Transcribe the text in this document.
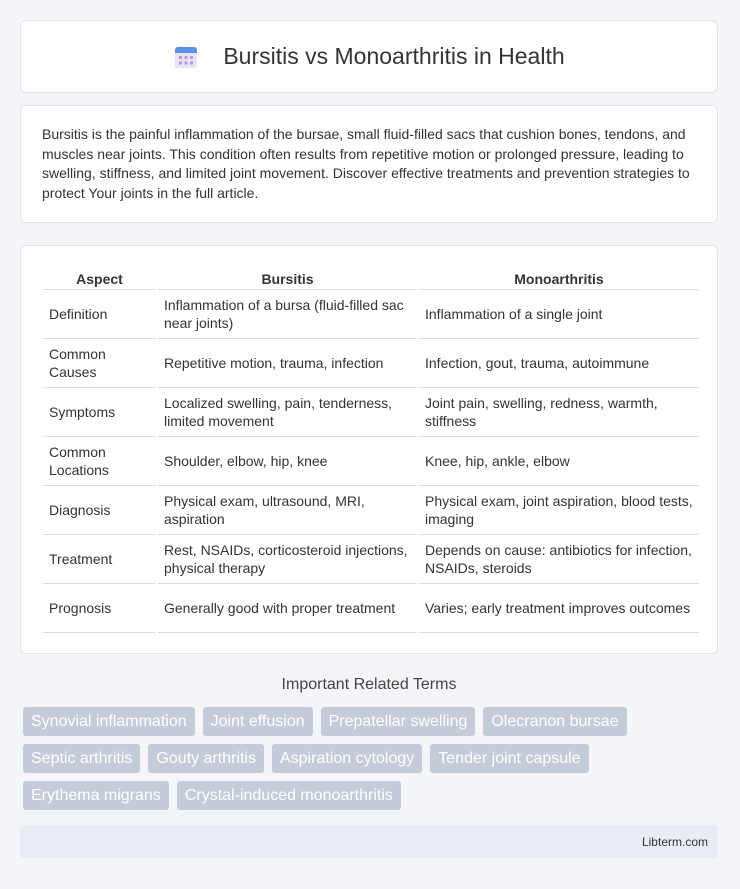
Bursitis vs Monoarthritis in Health

Bursitis is the painful inflammation of the bursae, small fluid-filled sacs that cushion bones, tendons, and muscles near joints. This condition often results from repetitive motion or prolonged pressure, leading to swelling, stiffness, and limited joint movement. Discover effective treatments and prevention strategies to protect Your joints in the full article.

Aspect	Bursitis	Monoarthritis
Definition	Inflammation of a bursa (fluid-filled sac near joints)	Inflammation of a single joint
Common Causes	Repetitive motion, trauma, infection	Infection, gout, trauma, autoimmune
Symptoms	Localized swelling, pain, tenderness, limited movement	Joint pain, swelling, redness, warmth, stiffness
Common Locations	Shoulder, elbow, hip, knee	Knee, hip, ankle, elbow
Diagnosis	Physical exam, ultrasound, MRI, aspiration	Physical exam, joint aspiration, blood tests, imaging
Treatment	Rest, NSAIDs, corticosteroid injections, physical therapy	Depends on cause: antibiotics for infection, NSAIDs, steroids
Prognosis	Generally good with proper treatment	Varies; early treatment improves outcomes
Important Related Terms
Synovial inflammation	Joint effusion	Prepatellar swelling	Olecranon bursae
Septic arthritis	Gouty arthritis	Aspiration cytology	Tender joint capsule
Erythema migrans	Crystal-induced monoarthritis
Libterm.com
